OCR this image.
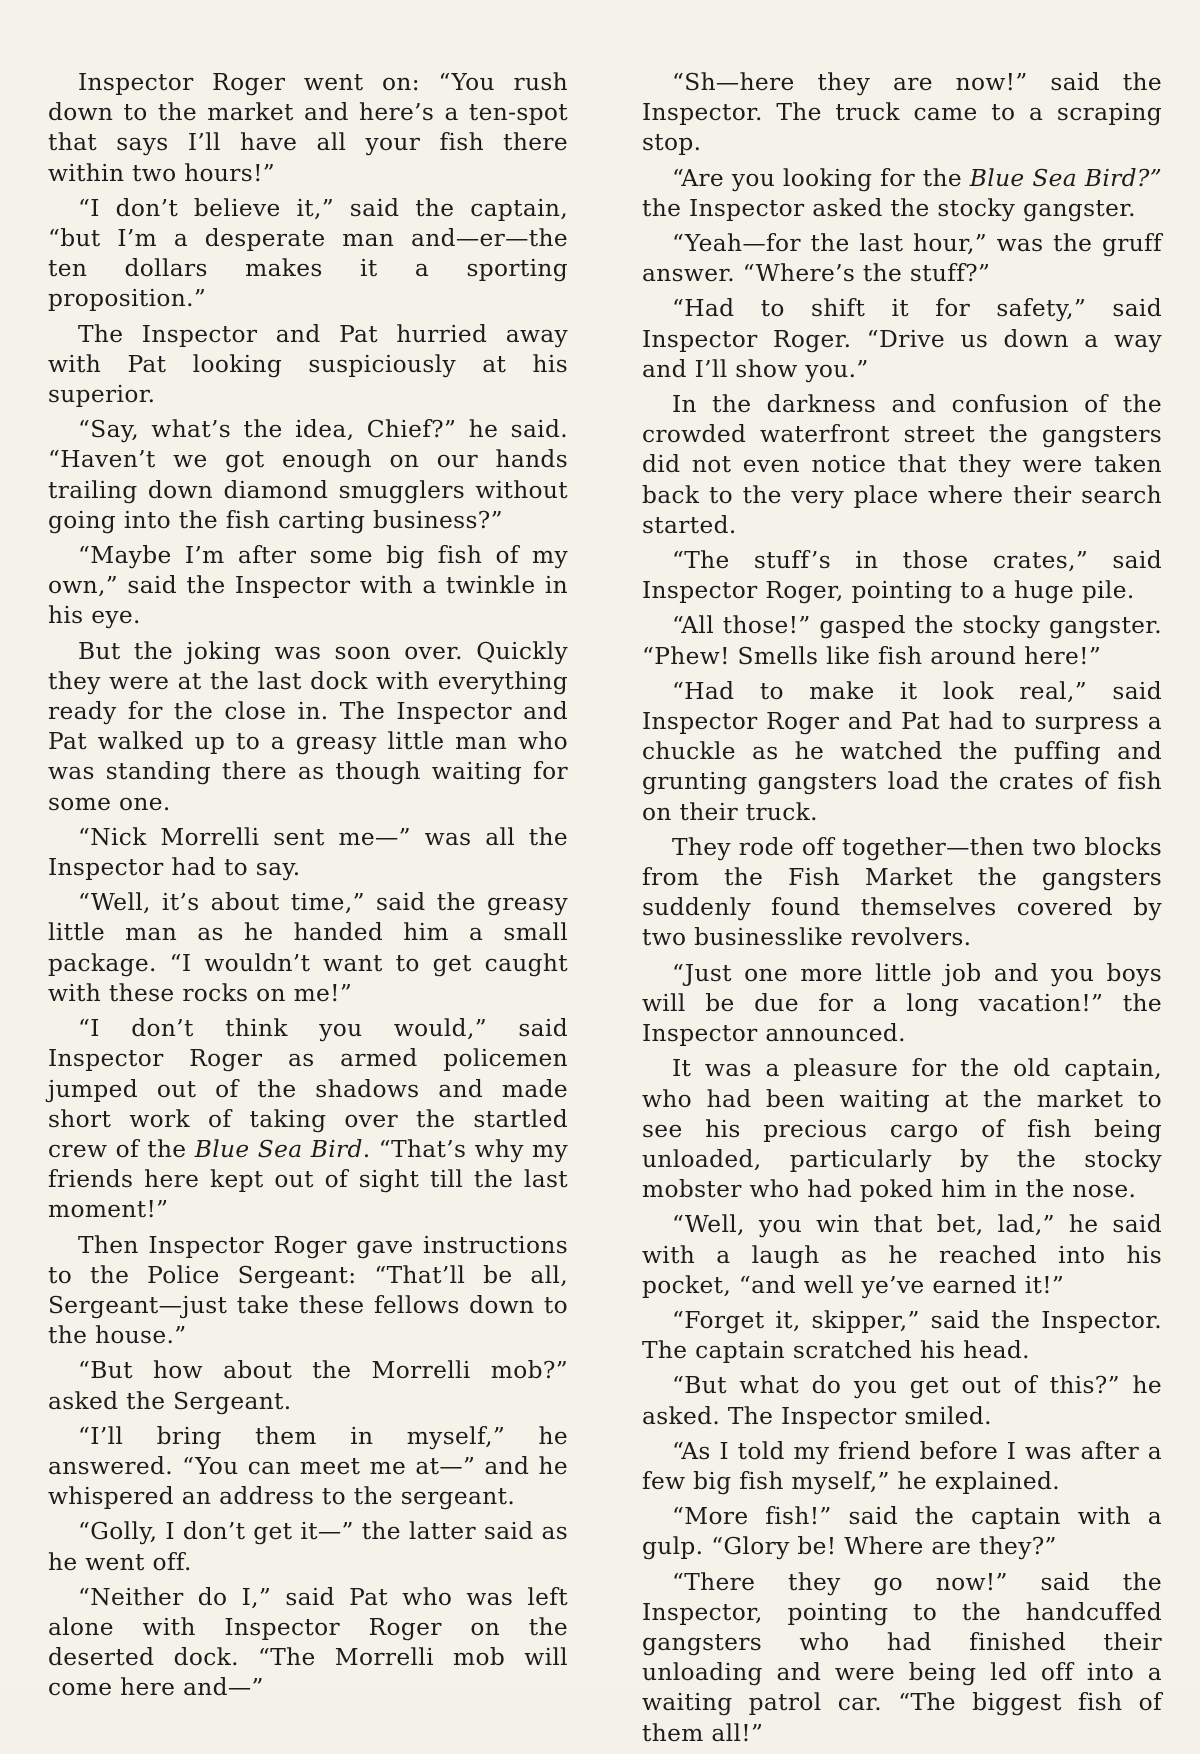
Inspector Roger went on: “You rush down to the market and here’s a ten-spot that says I’ll have all your fish there within two hours!”

“I don’t believe it,” said the captain, “but I’m a desperate man and—er—the ten dollars makes it a sporting proposition.”

The Inspector and Pat hurried away with Pat looking suspiciously at his superior.

“Say, what’s the idea, Chief?” he said. “Haven’t we got enough on our hands trailing down diamond smugglers without going into the fish carting business?”

“Maybe I’m after some big fish of my own,” said the Inspector with a twinkle in his eye.

But the joking was soon over. Quickly they were at the last dock with everything ready for the close in. The Inspector and Pat walked up to a greasy little man who was standing there as though waiting for some one.

“Nick Morrelli sent me—” was all the Inspector had to say.

“Well, it’s about time,” said the greasy little man as he handed him a small package. “I wouldn’t want to get caught with these rocks on me!”

“I don’t think you would,” said Inspector Roger as armed policemen jumped out of the shadows and made short work of taking over the startled crew of the Blue Sea Bird. “That’s why my friends here kept out of sight till the last moment!”

Then Inspector Roger gave instructions to the Police Sergeant: “That’ll be all, Sergeant—just take these fellows down to the house.”

“But how about the Morrelli mob?” asked the Sergeant.

“I’ll bring them in myself,” he answered. “You can meet me at—” and he whispered an address to the sergeant.

“Golly, I don’t get it—” the latter said as he went off.

“Neither do I,” said Pat who was left alone with Inspector Roger on the deserted dock. “The Morrelli mob will come here and—”

“Sh—here they are now!” said the Inspector. The truck came to a scraping stop.

“Are you looking for the Blue Sea Bird?” the Inspector asked the stocky gangster.

“Yeah—for the last hour,” was the gruff answer. “Where’s the stuff?”

“Had to shift it for safety,” said Inspector Roger. “Drive us down a way and I’ll show you.”

In the darkness and confusion of the crowded waterfront street the gangsters did not even notice that they were taken back to the very place where their search started.

“The stuff’s in those crates,” said Inspector Roger, pointing to a huge pile.

“All those!” gasped the stocky gangster. “Phew! Smells like fish around here!”

“Had to make it look real,” said Inspector Roger and Pat had to surpress a chuckle as he watched the puffing and grunting gangsters load the crates of fish on their truck.

They rode off together—then two blocks from the Fish Market the gangsters suddenly found themselves covered by two businesslike revolvers.

“Just one more little job and you boys will be due for a long vacation!” the Inspector announced.

It was a pleasure for the old captain, who had been waiting at the market to see his precious cargo of fish being unloaded, particularly by the stocky mobster who had poked him in the nose.

“Well, you win that bet, lad,” he said with a laugh as he reached into his pocket, “and well ye’ve earned it!”

“Forget it, skipper,” said the Inspector. The captain scratched his head.

“But what do you get out of this?” he asked. The Inspector smiled.

“As I told my friend before I was after a few big fish myself,” he explained.

“More fish!” said the captain with a gulp. “Glory be! Where are they?”

“There they go now!” said the Inspector, pointing to the handcuffed gangsters who had finished their unloading and were being led off into a waiting patrol car. “The biggest fish of them all!”
